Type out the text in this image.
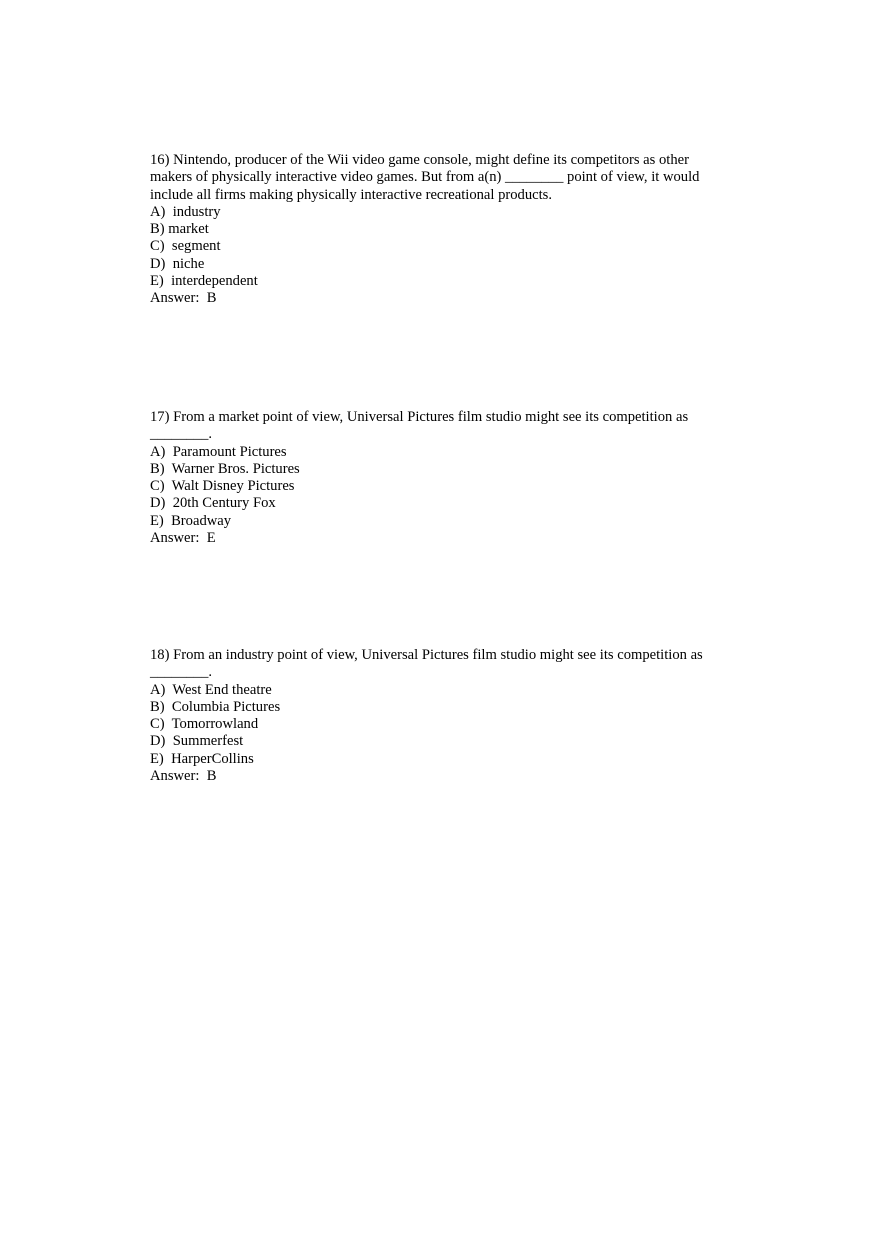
16) Nintendo, producer of the Wii video game console, might define its competitors as other
makers of physically interactive video games. But from a(n) ________ point of view, it would
include all firms making physically interactive recreational products.

A)  industry
B) market
C)  segment
D)  niche
E)  interdependent
Answer:  B

17) From a market point of view, Universal Pictures film studio might see its competition as
________.

A)  Paramount Pictures
B)  Warner Bros. Pictures
C)  Walt Disney Pictures
D)  20th Century Fox
E)  Broadway
Answer:  E

18) From an industry point of view, Universal Pictures film studio might see its competition as
________.

A)  West End theatre
B)  Columbia Pictures
C)  Tomorrowland
D)  Summerfest
E)  HarperCollins
Answer:  B
